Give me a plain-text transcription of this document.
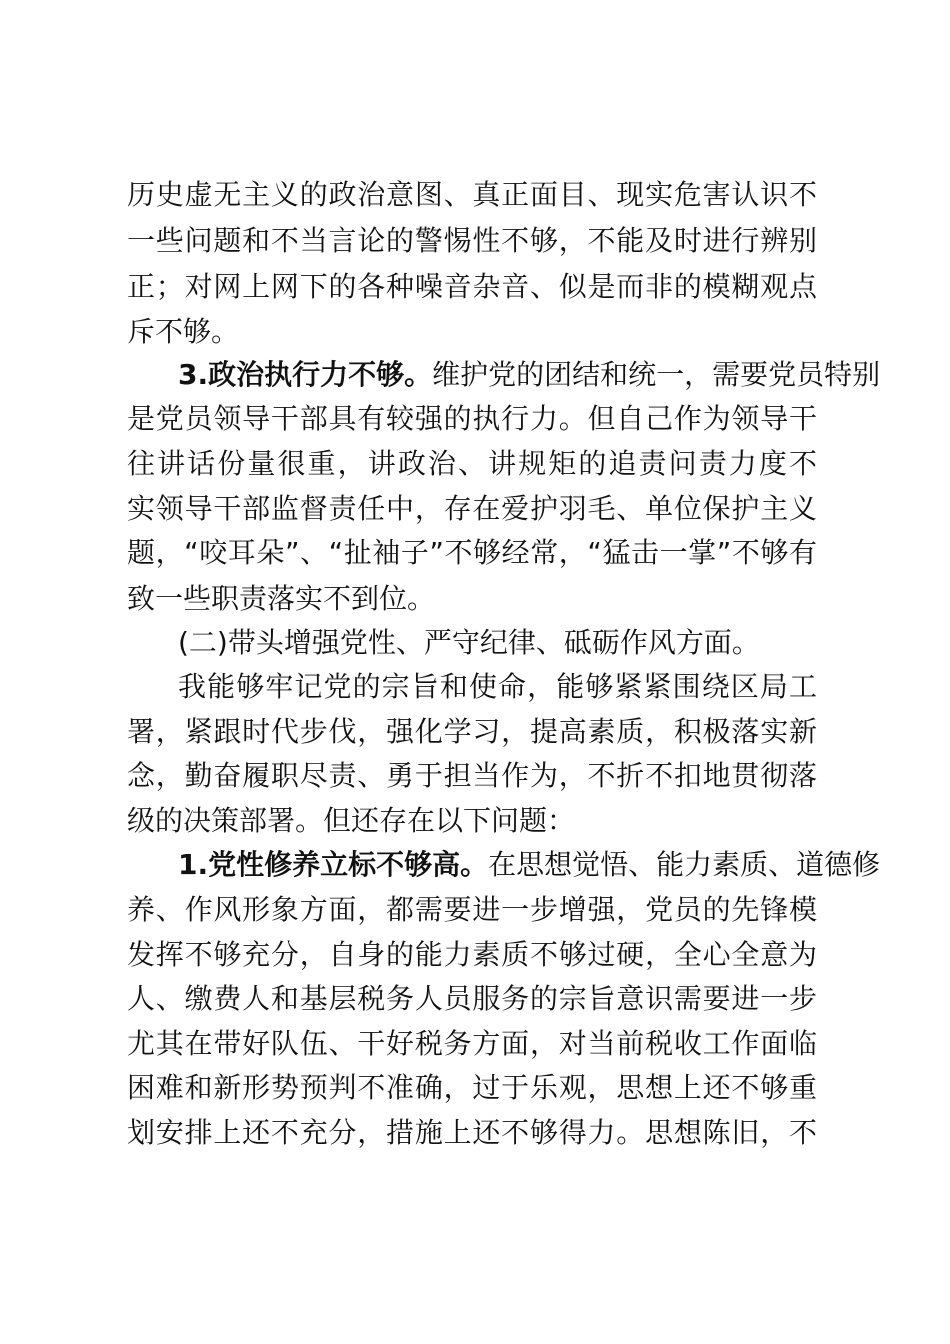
历史虚无主义的政治意图、真正面目、现实危害认识不
一些问题和不当言论的警惕性不够，不能及时进行辨别
正；对网上网下的各种噪音杂音、似是而非的模糊观点
斥不够。
3.政治执行力不够。维护党的团结和统一，需要党员特别
是党员领导干部具有较强的执行力。但自己作为领导干
往讲话份量很重，讲政治、讲规矩的追责问责力度不
实领导干部监督责任中，存在爱护羽毛、单位保护主义
题，“咬耳朵”、“扯袖子”不够经常，“猛击一掌”不够有
致一些职责落实不到位。
(二)带头增强党性、严守纪律、砥砺作风方面。
我能够牢记党的宗旨和使命，能够紧紧围绕区局工
署，紧跟时代步伐，强化学习，提高素质，积极落实新
念，勤奋履职尽责、勇于担当作为，不折不扣地贯彻落
级的决策部署。但还存在以下问题：
1.党性修养立标不够高。在思想觉悟、能力素质、道德修
养、作风形象方面，都需要进一步增强，党员的先锋模
发挥不够充分，自身的能力素质不够过硬，全心全意为
人、缴费人和基层税务人员服务的宗旨意识需要进一步
尤其在带好队伍、干好税务方面，对当前税收工作面临
困难和新形势预判不准确，过于乐观，思想上还不够重
划安排上还不充分，措施上还不够得力。思想陈旧，不
